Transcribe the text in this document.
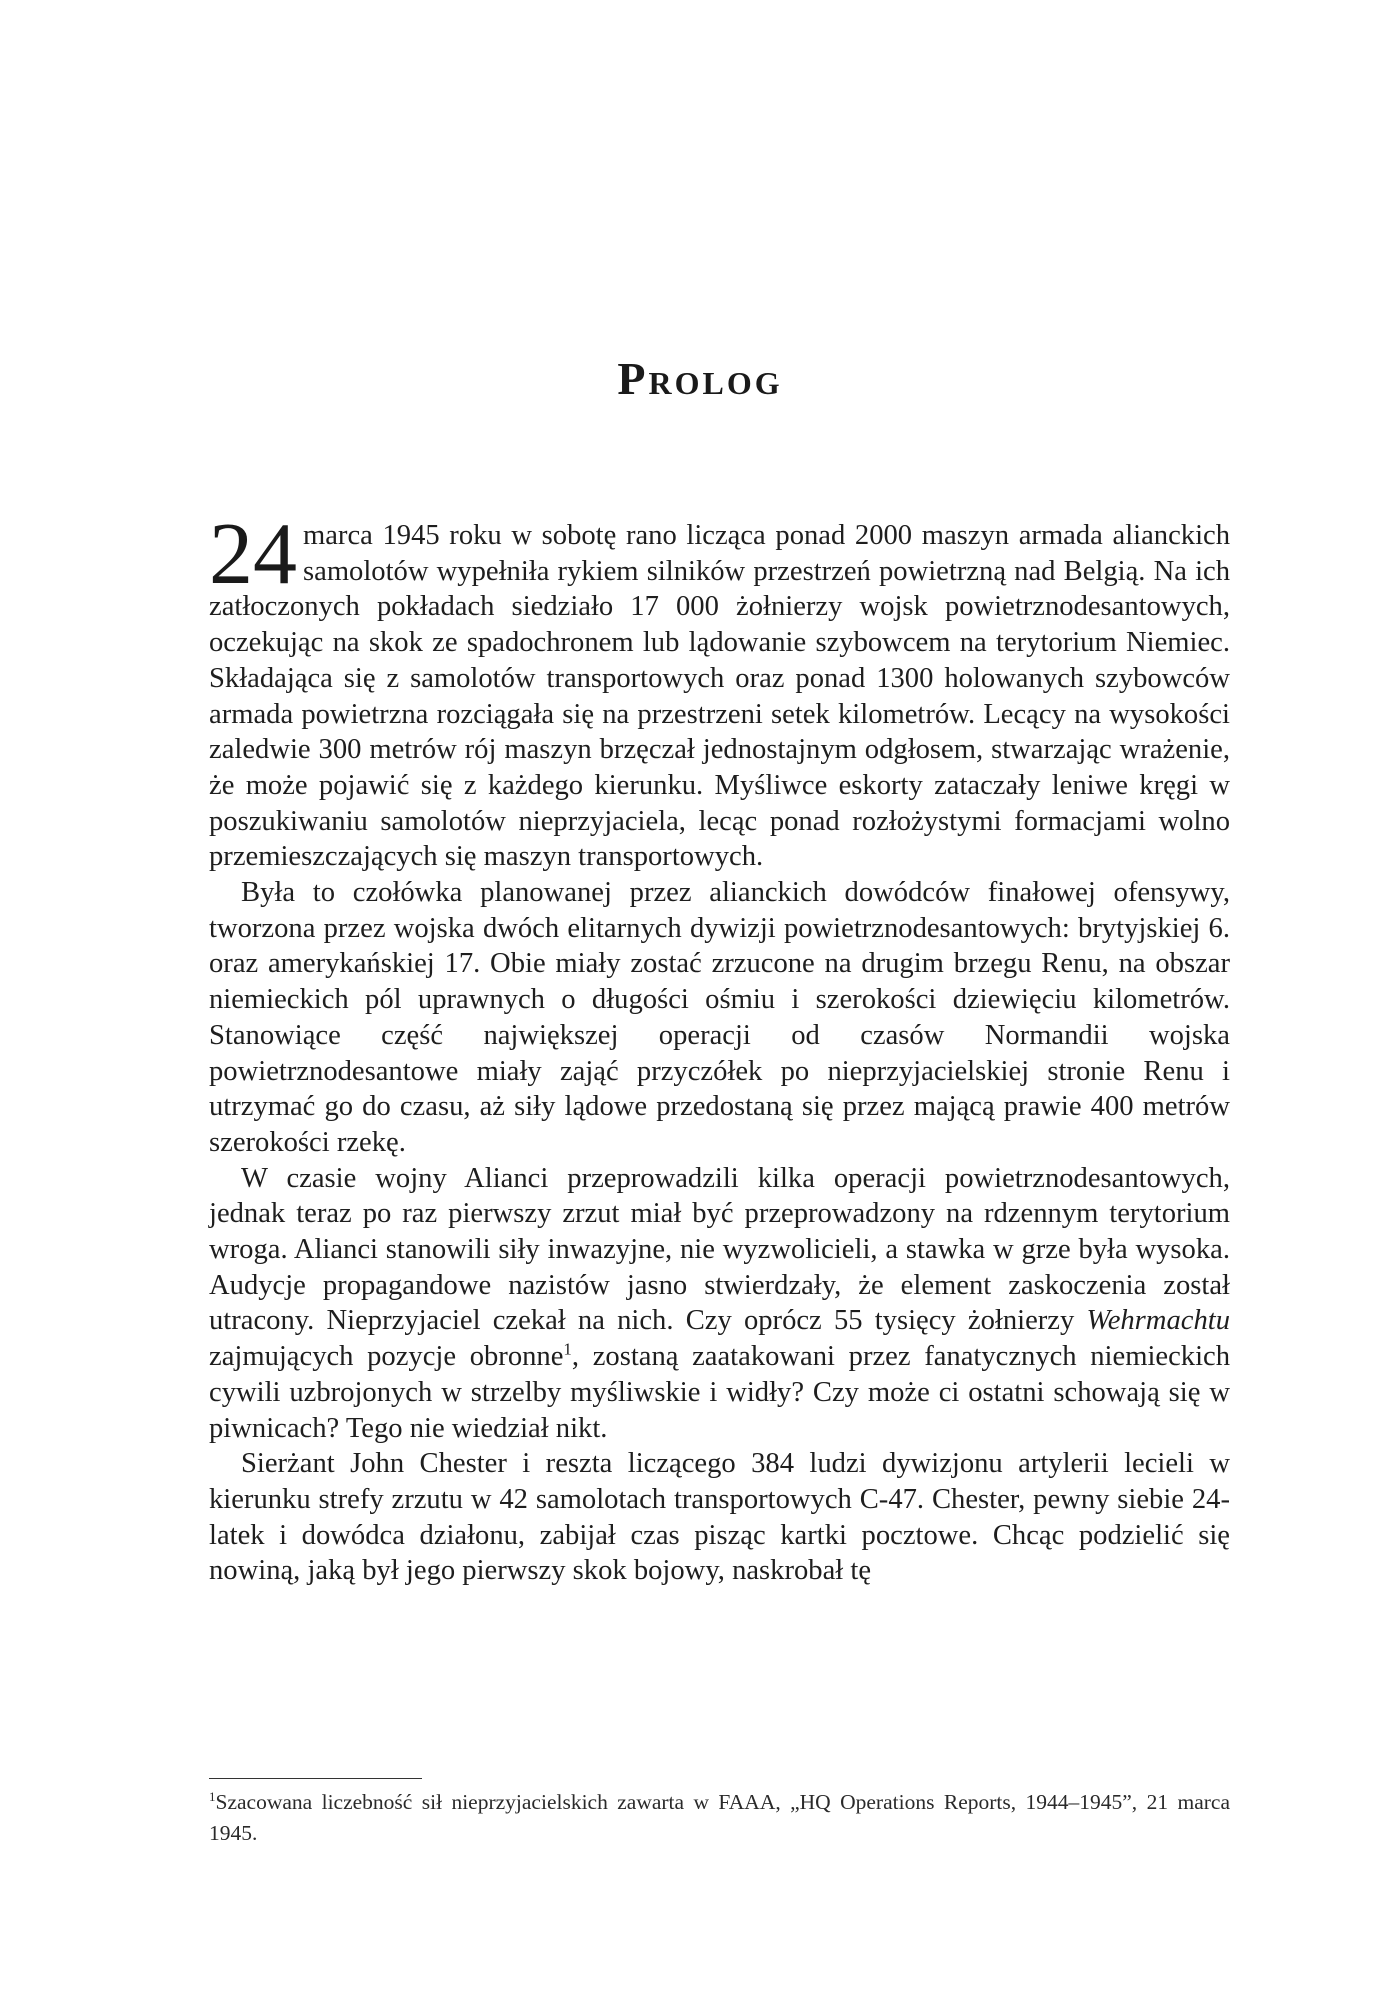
Prolog

24 marca 1945 roku w sobotę rano licząca ponad 2000 maszyn armada alianckich samolotów wypełniła rykiem silników przestrzeń powietrzną nad Belgią. Na ich zatłoczonych pokładach siedziało 17 000 żołnierzy wojsk powietrznodesantowych, oczekując na skok ze spadochronem lub lądowanie szybowcem na terytorium Niemiec. Składająca się z samolotów transportowych oraz ponad 1300 holowanych szybowców armada powietrzna rozciągała się na przestrzeni setek kilometrów. Lecący na wysokości zaledwie 300 metrów rój maszyn brzęczał jednostajnym odgłosem, stwarzając wrażenie, że może pojawić się z każdego kierunku. Myśliwce eskorty zataczały leniwe kręgi w poszukiwaniu samolotów nieprzyjaciela, lecąc ponad rozłożystymi formacjami wolno przemieszczających się maszyn transportowych.

Była to czołówka planowanej przez alianckich dowódców finałowej ofensywy, tworzona przez wojska dwóch elitarnych dywizji powietrznodesantowych: brytyjskiej 6. oraz amerykańskiej 17. Obie miały zostać zrzucone na drugim brzegu Renu, na obszar niemieckich pól uprawnych o długości ośmiu i szerokości dziewięciu kilometrów. Stanowiące część największej operacji od czasów Normandii wojska powietrznodesantowe miały zająć przyczółek po nieprzyjacielskiej stronie Renu i utrzymać go do czasu, aż siły lądowe przedostaną się przez mającą prawie 400 metrów szerokości rzekę.

W czasie wojny Alianci przeprowadzili kilka operacji powietrznodesantowych, jednak teraz po raz pierwszy zrzut miał być przeprowadzony na rdzennym terytorium wroga. Alianci stanowili siły inwazyjne, nie wyzwolicieli, a stawka w grze była wysoka. Audycje propagandowe nazistów jasno stwierdzały, że element zaskoczenia został utracony. Nieprzyjaciel czekał na nich. Czy oprócz 55 tysięcy żołnierzy Wehrmachtu zajmujących pozycje obronne$^1$, zostaną zaatakowani przez fanatycznych niemieckich cywili uzbrojonych w strzelby myśliwskie i widły? Czy może ci ostatni schowają się w piwnicach? Tego nie wiedział nikt.

Sierżant John Chester i reszta liczącego 384 ludzi dywizjonu artylerii lecieli w kierunku strefy zrzutu w 42 samolotach transportowych C-47. Chester, pewny siebie 24-latek i dowódca działonu, zabijał czas pisząc kartki pocztowe. Chcąc podzielić się nowiną, jaką był jego pierwszy skok bojowy, naskrobał tę

$^1$Szacowana liczebność sił nieprzyjacielskich zawarta w FAAA, „HQ Operations Reports, 1944–1945”, 21 marca 1945.
